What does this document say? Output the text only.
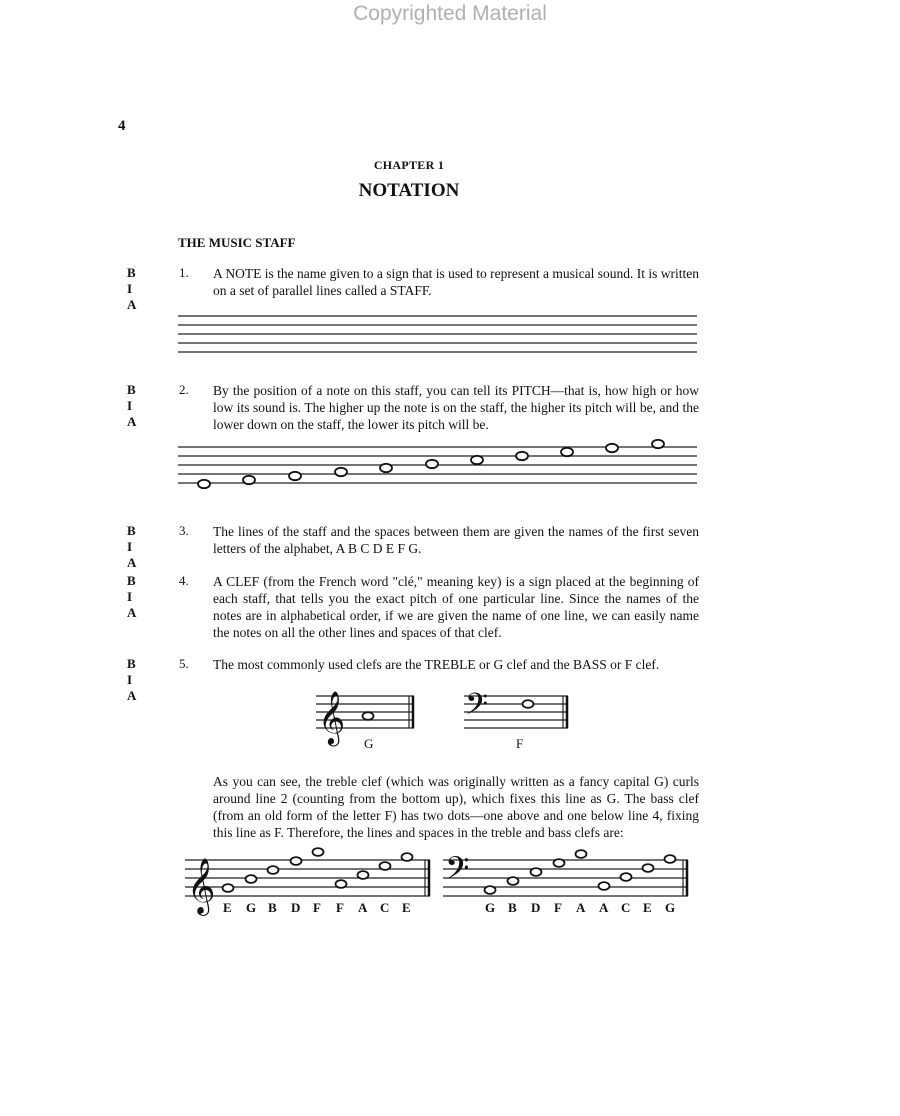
Copyrighted Material
4
CHAPTER 1
NOTATION
THE MUSIC STAFF
B I A
1. A NOTE is the name given to a sign that is used to represent a musical sound. It is written on a set of parallel lines called a STAFF.
B I A
2. By the position of a note on this staff, you can tell its PITCH—that is, how high or how low its sound is. The higher up the note is on the staff, the higher its pitch will be, and the lower down on the staff, the lower its pitch will be.
B I A
3. The lines of the staff and the spaces between them are given the names of the first seven letters of the alphabet, A B C D E F G.
B I A
4. A CLEF (from the French word "clé," meaning key) is a sign placed at the beginning of each staff, that tells you the exact pitch of one particular line. Since the names of the notes are in alphabetical order, if we are given the name of one line, we can easily name the notes on all the other lines and spaces of that clef.
B I A
5. The most commonly used clefs are the TREBLE or G clef and the BASS or F clef.
𝄞 G
𝄢
F
As you can see, the treble clef (which was originally written as a fancy capital G) curls around line 2 (counting from the bottom up), which fixes this line as G. The bass clef (from an old form of the letter F) has two dots—one above and one below line 4, fixing this line as F. Therefore, the lines and spaces in the treble and bass clefs are:
𝄞 E G B D F F A C E
𝄢
G B D F A A C E G
